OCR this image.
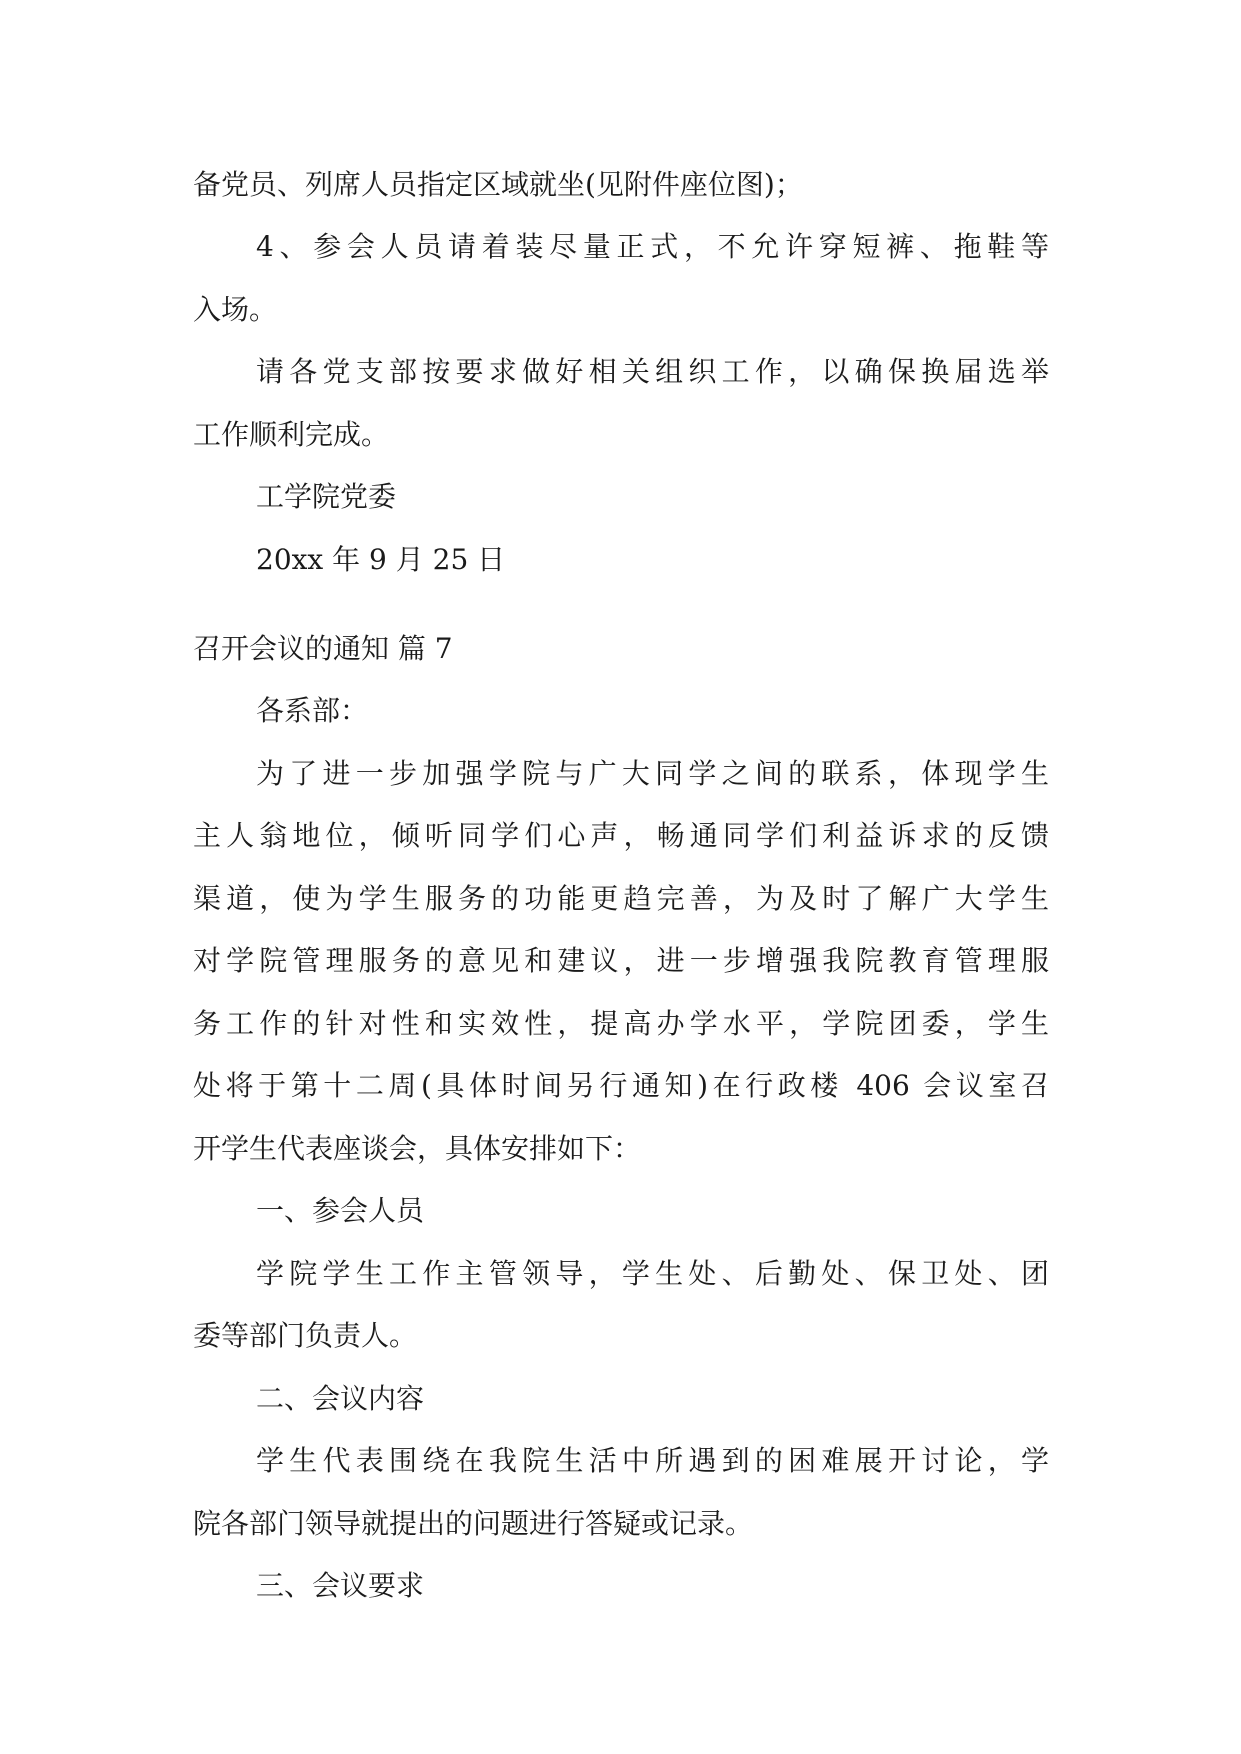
备党员、列席人员指定区域就坐(见附件座位图)；

4、参会人员请着装尽量正式，不允许穿短裤、拖鞋等

入场。

请各党支部按要求做好相关组织工作，以确保换届选举

工作顺利完成。

工学院党委

20xx 年 9 月 25 日

召开会议的通知 篇 7

各系部：

为了进一步加强学院与广大同学之间的联系，体现学生

主人翁地位，倾听同学们心声，畅通同学们利益诉求的反馈

渠道，使为学生服务的功能更趋完善，为及时了解广大学生

对学院管理服务的意见和建议，进一步增强我院教育管理服

务工作的针对性和实效性，提高办学水平，学院团委，学生

处将于第十二周(具体时间另行通知)在行政楼 406 会议室召

开学生代表座谈会，具体安排如下：

一、参会人员

学院学生工作主管领导，学生处、后勤处、保卫处、团

委等部门负责人。

二、会议内容

学生代表围绕在我院生活中所遇到的困难展开讨论，学

院各部门领导就提出的问题进行答疑或记录。

三、会议要求
